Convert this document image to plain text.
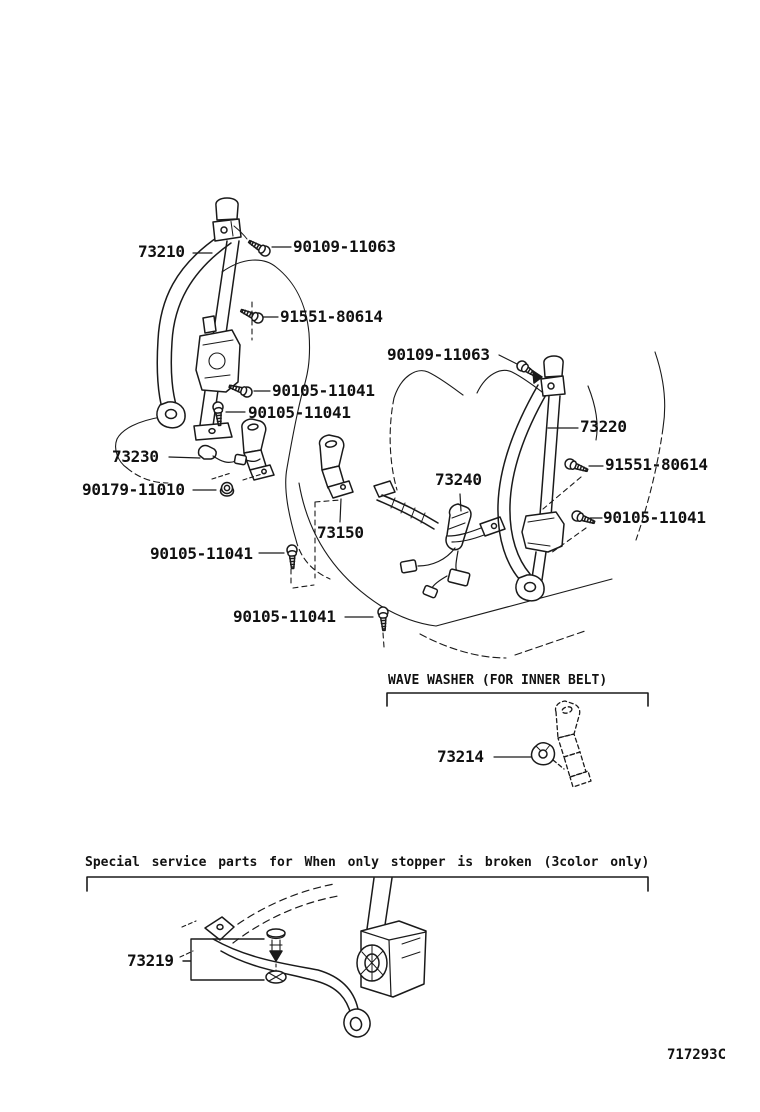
73210	90109-11063
91551-80614
90105-11041
90105-11041
73230
90179-11010
73150
90105-11041
90105-11041
90109-11063
73220
91551-80614
90105-11041
73240
73214
73219
WAVE WASHER (FOR INNER BELT)
Special service parts for When only stopper is broken (3color only)
717293C
